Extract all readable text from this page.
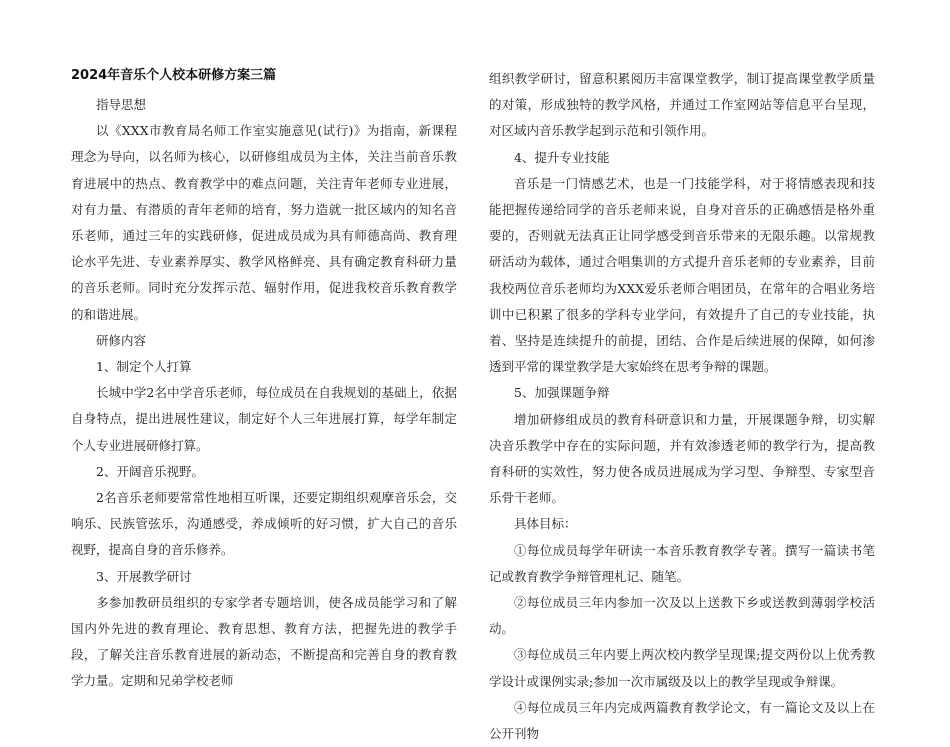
2024年音乐个人校本研修方案三篇

指导思想

以《XXX市教育局名师工作室实施意见(试行)》为指南，新课程理念为导向，以名师为核心，以研修组成员为主体，关注当前音乐教育进展中的热点、教育教学中的难点问题，关注青年老师专业进展，对有力量、有潜质的青年老师的培育，努力造就一批区域内的知名音乐老师，通过三年的实践研修，促进成员成为具有师德高尚、教育理论水平先进、专业素养厚实、教学风格鲜亮、具有确定教育科研力量的音乐老师。同时充分发挥示范、辐射作用，促进我校音乐教育教学的和谐进展。

研修内容

1、制定个人打算

长城中学2名中学音乐老师，每位成员在自我规划的基础上，依据自身特点，提出进展性建议，制定好个人三年进展打算，每学年制定个人专业进展研修打算。

2、开阔音乐视野。

2名音乐老师要常常性地相互听课，还要定期组织观摩音乐会，交响乐、民族管弦乐，沟通感受，养成倾听的好习惯，扩大自己的音乐视野，提高自身的音乐修养。

3、开展教学研讨

多参加教研员组织的专家学者专题培训，使各成员能学习和了解国内外先进的教育理论、教育思想、教育方法，把握先进的教学手段，了解关注音乐教育进展的新动态，不断提高和完善自身的教育教学力量。定期和兄弟学校老师

组织教学研讨，留意积累阅历丰富课堂教学，制订提高课堂教学质量的对策，形成独特的教学风格，并通过工作室网站等信息平台呈现，对区域内音乐教学起到示范和引领作用。

4、提升专业技能

音乐是一门情感艺术，也是一门技能学科，对于将情感表现和技能把握传递给同学的音乐老师来说，自身对音乐的正确感悟是格外重要的，否则就无法真正让同学感受到音乐带来的无限乐趣。以常规教研活动为载体，通过合唱集训的方式提升音乐老师的专业素养，目前我校两位音乐老师均为XXX爱乐老师合唱团员，在常年的合唱业务培训中已积累了很多的学科专业学问，有效提升了自己的专业技能，执着、坚持是连续提升的前提，团结、合作是后续进展的保障，如何渗透到平常的课堂教学是大家始终在思考争辩的课题。

5、加强课题争辩

增加研修组成员的教育科研意识和力量，开展课题争辩，切实解决音乐教学中存在的实际问题，并有效渗透老师的教学行为，提高教育科研的实效性，努力使各成员进展成为学习型、争辩型、专家型音乐骨干老师。

具体目标：

①每位成员每学年研读一本音乐教育教学专著。撰写一篇读书笔记或教育教学争辩管理札记、随笔。

②每位成员三年内参加一次及以上送教下乡或送教到薄弱学校活动。

③每位成员三年内要上两次校内教学呈现课;提交两份以上优秀教学设计或课例实录;参加一次市属级及以上的教学呈现或争辩课。

④每位成员三年内完成两篇教育教学论文，有一篇论文及以上在公开刊物
